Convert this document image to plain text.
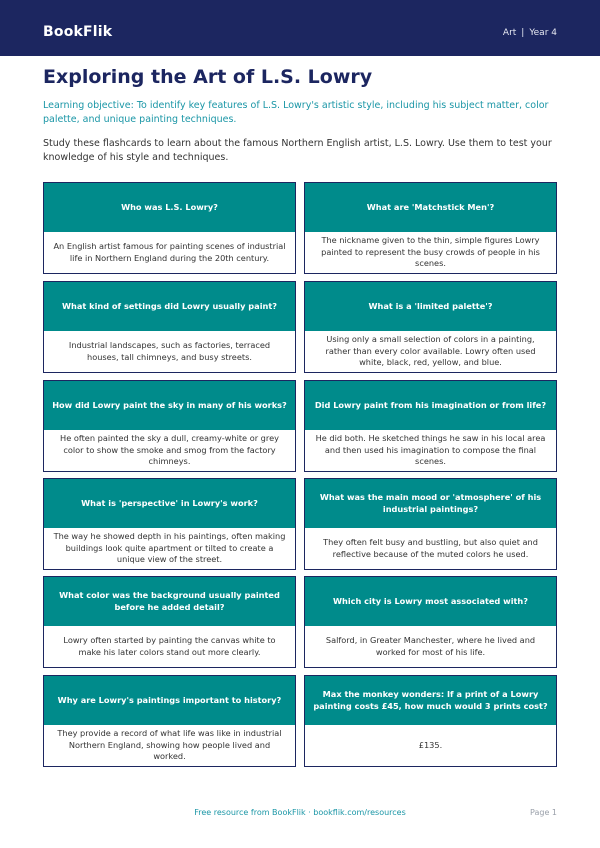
BookFlik	Art | Year 4
Exploring the Art of L.S. Lowry

Learning objective: To identify key features of L.S. Lowry's artistic style, including his subject matter, color palette, and unique painting techniques.

Study these flashcards to learn about the famous Northern English artist, L.S. Lowry. Use them to test your knowledge of his style and techniques.

Who was L.S. Lowry?
An English artist famous for painting scenes of industrial life in Northern England during the 20th century.
What are 'Matchstick Men'?
The nickname given to the thin, simple figures Lowry painted to represent the busy crowds of people in his scenes.
What kind of settings did Lowry usually paint?
Industrial landscapes, such as factories, terraced houses, tall chimneys, and busy streets.
What is a 'limited palette'?
Using only a small selection of colors in a painting, rather than every color available. Lowry often used white, black, red, yellow, and blue.
How did Lowry paint the sky in many of his works?
He often painted the sky a dull, creamy-white or grey color to show the smoke and smog from the factory chimneys.
Did Lowry paint from his imagination or from life?
He did both. He sketched things he saw in his local area and then used his imagination to compose the final scenes.
What is 'perspective' in Lowry's work?
The way he showed depth in his paintings, often making buildings look quite apartment or tilted to create a unique view of the street.
What was the main mood or 'atmosphere' of his industrial paintings?
They often felt busy and bustling, but also quiet and reflective because of the muted colors he used.
What color was the background usually painted before he added detail?
Lowry often started by painting the canvas white to make his later colors stand out more clearly.
Which city is Lowry most associated with?
Salford, in Greater Manchester, where he lived and worked for most of his life.
Why are Lowry's paintings important to history?
They provide a record of what life was like in industrial Northern England, showing how people lived and worked.
Max the monkey wonders: If a print of a Lowry painting costs £45, how much would 3 prints cost?
£135.
Free resource from BookFlik · bookflik.com/resources	Page 1
